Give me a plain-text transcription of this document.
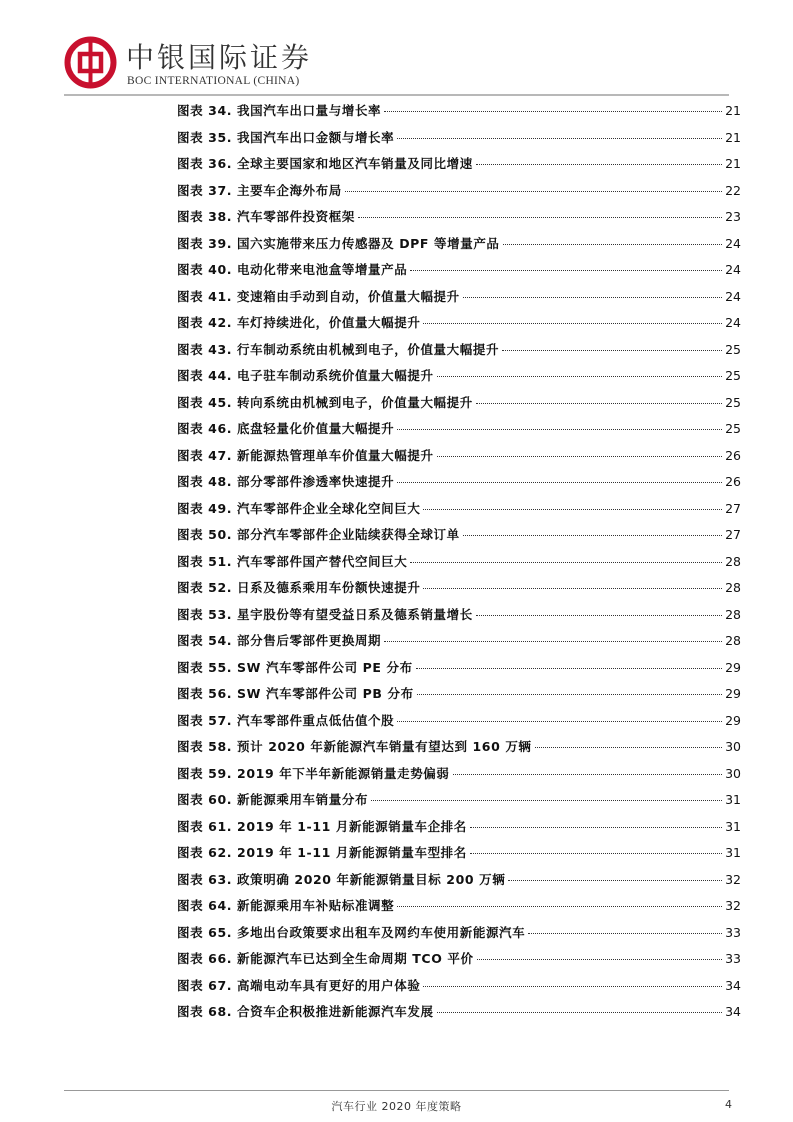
中银国际证券
BOC INTERNATIONAL (CHINA)
图表 34. 我国汽车出口量与增长率	21
图表 35. 我国汽车出口金额与增长率	21
图表 36. 全球主要国家和地区汽车销量及同比增速	21
图表 37. 主要车企海外布局	22
图表 38. 汽车零部件投资框架	23
图表 39. 国六实施带来压力传感器及 DPF 等增量产品	24
图表 40. 电动化带来电池盒等增量产品	24
图表 41. 变速箱由手动到自动，价值量大幅提升	24
图表 42. 车灯持续进化，价值量大幅提升	24
图表 43. 行车制动系统由机械到电子，价值量大幅提升	25
图表 44. 电子驻车制动系统价值量大幅提升	25
图表 45. 转向系统由机械到电子，价值量大幅提升	25
图表 46. 底盘轻量化价值量大幅提升	25
图表 47. 新能源热管理单车价值量大幅提升	26
图表 48. 部分零部件渗透率快速提升	26
图表 49. 汽车零部件企业全球化空间巨大	27
图表 50. 部分汽车零部件企业陆续获得全球订单	27
图表 51. 汽车零部件国产替代空间巨大	28
图表 52. 日系及德系乘用车份额快速提升	28
图表 53. 星宇股份等有望受益日系及德系销量增长	28
图表 54. 部分售后零部件更换周期	28
图表 55. SW 汽车零部件公司 PE 分布	29
图表 56. SW 汽车零部件公司 PB 分布	29
图表 57. 汽车零部件重点低估值个股	29
图表 58. 预计 2020 年新能源汽车销量有望达到 160 万辆	30
图表 59. 2019 年下半年新能源销量走势偏弱	30
图表 60. 新能源乘用车销量分布	31
图表 61. 2019 年 1-11 月新能源销量车企排名	31
图表 62. 2019 年 1-11 月新能源销量车型排名	31
图表 63. 政策明确 2020 年新能源销量目标 200 万辆	32
图表 64. 新能源乘用车补贴标准调整	32
图表 65. 多地出台政策要求出租车及网约车使用新能源汽车	33
图表 66. 新能源汽车已达到全生命周期 TCO 平价	33
图表 67. 高端电动车具有更好的用户体验	34
图表 68. 合资车企积极推进新能源汽车发展	34
汽车行业 2020 年度策略	4
